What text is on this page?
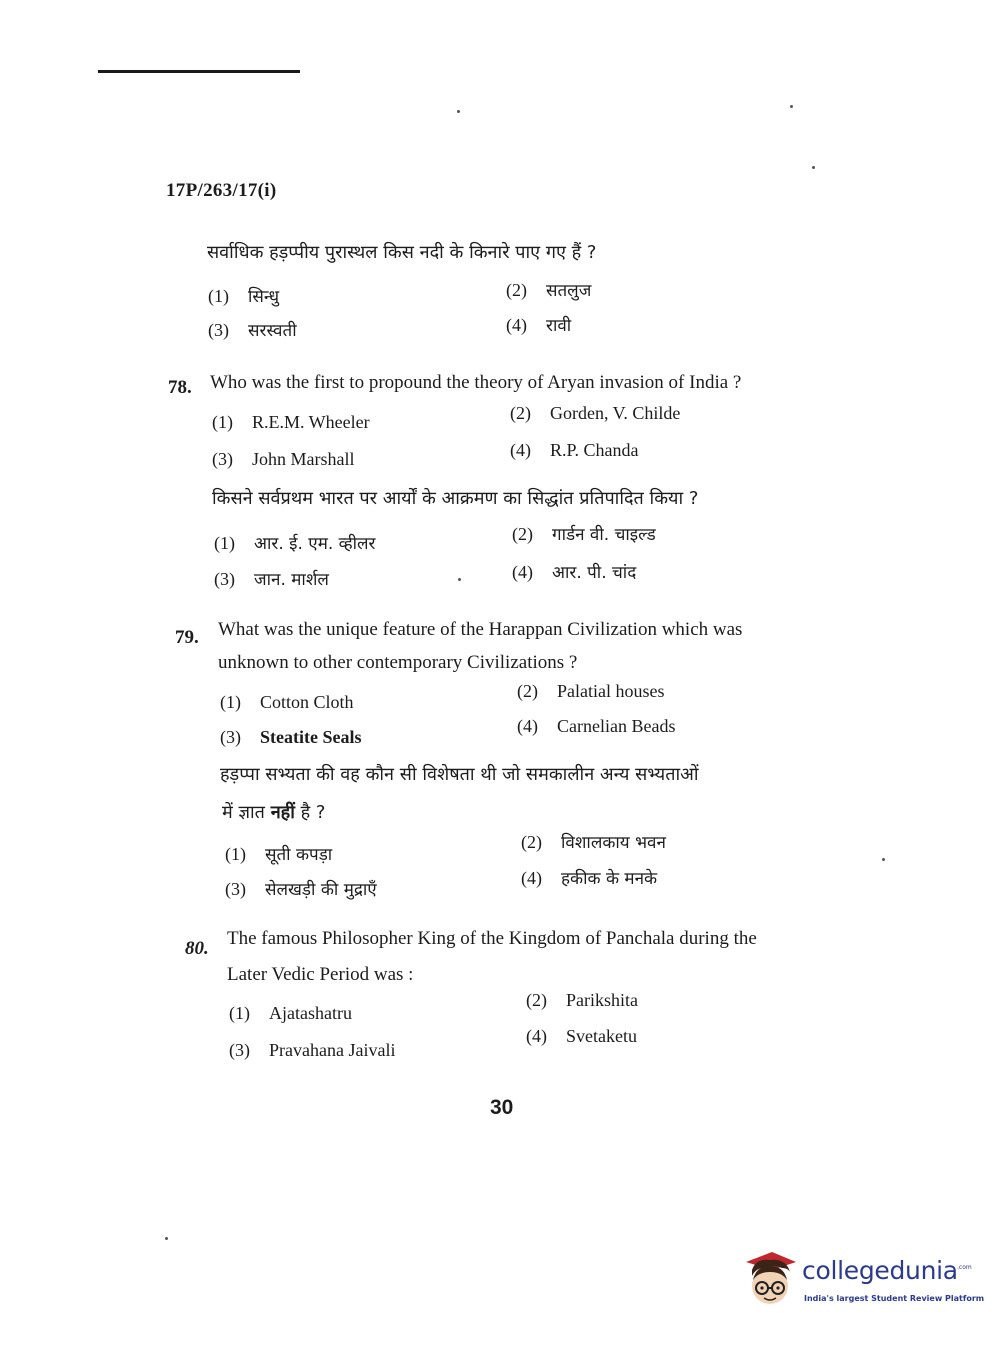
17P/263/17(i)
सर्वाधिक हड़प्पीय पुरास्थल किस नदी के किनारे पाए गए हैं ?
(1) सिन्धु	(2) सतलुज
(3) सरस्वती	(4) रावी
78. Who was the first to propound the theory of Aryan invasion of India ?
(1) R.E.M. Wheeler	(2) Gorden, V. Childe
(3) John Marshall	(4) R.P. Chanda
किसने सर्वप्रथम भारत पर आर्यों के आक्रमण का सिद्धांत प्रतिपादित किया ?
(1) आर. ई. एम. व्हीलर	(2) गार्डन वी. चाइल्ड
(3) जान. मार्शल	(4) आर. पी. चांद
79. What was the unique feature of the Harappan Civilization which was
unknown to other contemporary Civilizations ?
(1) Cotton Cloth
(2) Palatial houses
(3) Steatite Seals
(4) Carnelian Beads
हड़प्पा सभ्यता की वह कौन सी विशेषता थी जो समकालीन अन्य सभ्यताओं
में ज्ञात नहीं है ?
(1) सूती कपड़ा
(2) विशालकाय भवन
(3) सेलखड़ी की मुद्राएँ
(4) हकीक के मनके
80. The famous Philosopher King of the Kingdom of Panchala during the
Later Vedic Period was :
(1) Ajatashatru
(2) Parikshita
(3) Pravahana Jaivali
(4) Svetaketu
30
collegedunia .com
India's largest Student Review Platform
